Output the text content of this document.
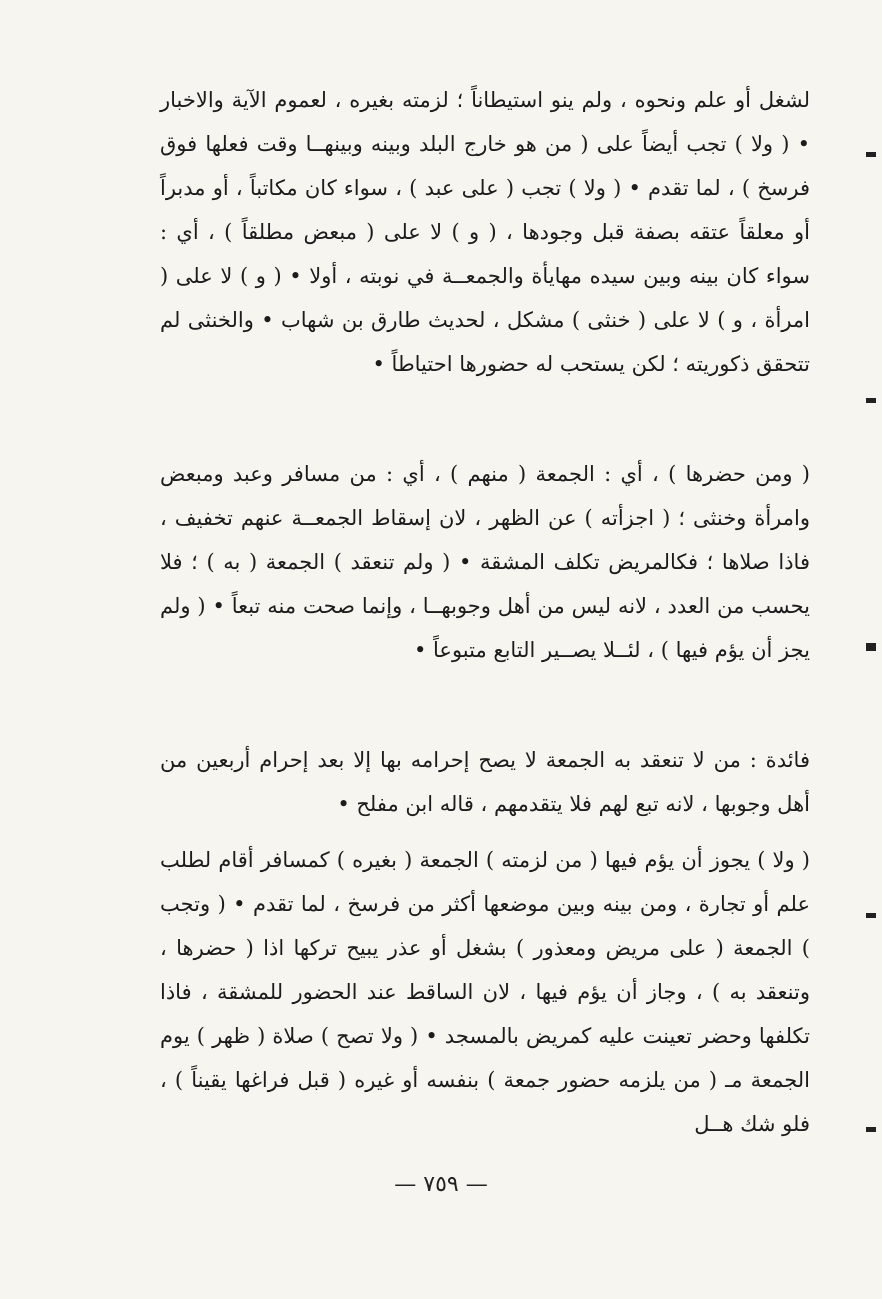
لشغل أو علم ونحوه ، ولم ينو استيطاناً ؛ لزمته بغيره ، لعموم الآية والاخبار • ( ولا ) تجب أيضاً على ( من هو خارج البلد وبينه وبينهــا وقت فعلها فوق فرسخ ) ، لما تقدم • ( ولا ) تجب ( على عبد ) ، سواء كان مكاتباً ، أو مدبراً أو معلقاً عتقه بصفة قبل وجودها ، ( و ) لا على ( مبعض مطلقاً ) ، أي : سواء كان بينه وبين سيده مهايأة والجمعــة في نوبته ، أولا • ( و ) لا على ( امرأة ، و ) لا على ( خنثى ) مشكل ، لحديث طارق بن شهاب • والخنثى لم تتحقق ذكوريته ؛ لكن يستحب له حضورها احتياطاً •

( ومن حضرها ) ، أي : الجمعة ( منهم ) ، أي : من مسافر وعبد ومبعض وامرأة وخنثى ؛ ( اجزأته ) عن الظهر ، لان إسقاط الجمعــة عنهم تخفيف ، فاذا صلاها ؛ فكالمريض تكلف المشقة • ( ولم تنعقد ) الجمعة ( به ) ؛ فلا يحسب من العدد ، لانه ليس من أهل وجوبهــا ، وإنما صحت منه تبعاً • ( ولم يجز أن يؤم فيها ) ، لئــلا يصــير التابع متبوعاً •

فائدة : من لا تنعقد به الجمعة لا يصح إحرامه بها إلا بعد إحرام أربعين من أهل وجوبها ، لانه تبع لهم فلا يتقدمهم ، قاله ابن مفلح •

( ولا ) يجوز أن يؤم فيها ( من لزمته ) الجمعة ( بغيره ) كمسافر أقام لطلب علم أو تجارة ، ومن بينه وبين موضعها أكثر من فرسخ ، لما تقدم • ( وتجب ) الجمعة ( على مريض ومعذور ) بشغل أو عذر يبيح تركها اذا ( حضرها ، وتنعقد به ) ، وجاز أن يؤم فيها ، لان الساقط عند الحضور للمشقة ، فاذا تكلفها وحضر تعينت عليه كمريض بالمسجد • ( ولا تصح ) صلاة ( ظهر ) يوم الجمعة مـ ( من يلزمه حضور جمعة ) بنفسه أو غيره ( قبل فراغها يقيناً ) ، فلو شك هــل

— ٧٥٩ —
